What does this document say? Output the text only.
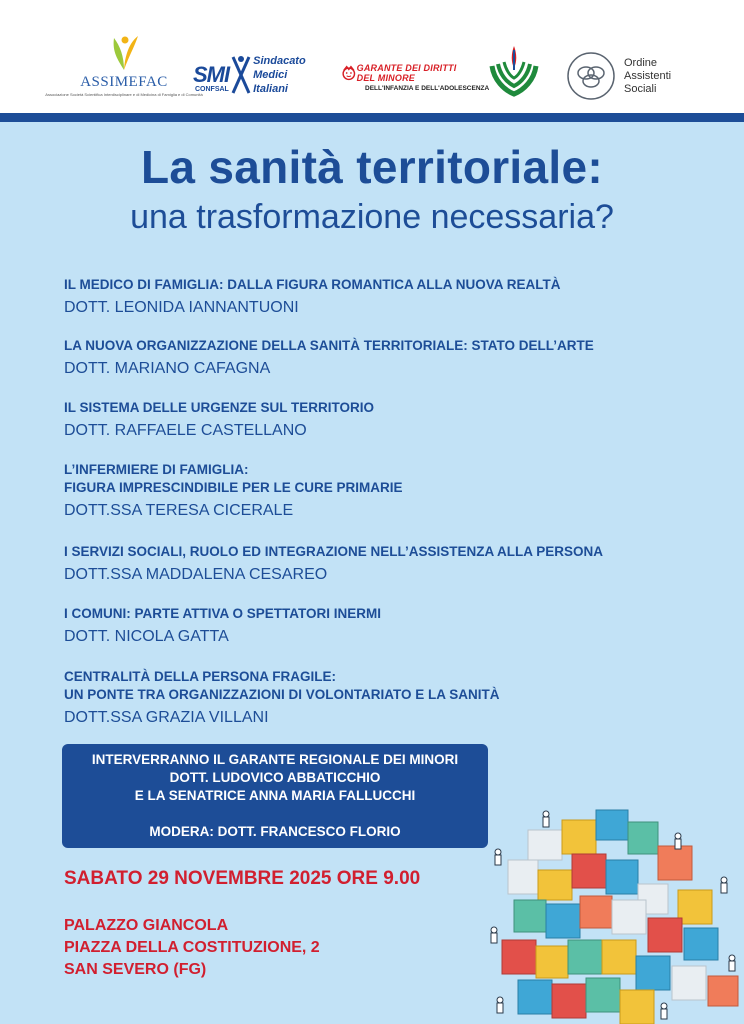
ASSIMEFAC
Associazione Società Scientifica Interdisciplinare e di Medicina di Famiglia e di Comunità
SMI
Sindacato
Medici
Italiani
CONFSAL
GARANTE DEI DIRITTI DEL MINORE
DELL'INFANZIA E DELL'ADOLESCENZA
Ordine
Assistenti
Sociali
La sanità territoriale:
una trasformazione necessaria?
IL MEDICO DI FAMIGLIA: DALLA FIGURA ROMANTICA ALLA NUOVA REALTÀ
DOTT. LEONIDA IANNANTUONI
LA NUOVA ORGANIZZAZIONE DELLA SANITÀ TERRITORIALE: STATO DELL’ARTE
DOTT. MARIANO CAFAGNA
IL SISTEMA DELLE URGENZE SUL TERRITORIO
DOTT. RAFFAELE CASTELLANO
L’INFERMIERE DI FAMIGLIA:
FIGURA IMPRESCINDIBILE PER LE CURE PRIMARIE
DOTT.SSA TERESA CICERALE
I SERVIZI SOCIALI, RUOLO ED INTEGRAZIONE NELL’ASSISTENZA ALLA PERSONA
DOTT.SSA MADDALENA CESAREO
I COMUNI: PARTE ATTIVA O SPETTATORI INERMI
DOTT. NICOLA GATTA
CENTRALITÀ DELLA PERSONA FRAGILE:
UN PONTE TRA ORGANIZZAZIONI DI VOLONTARIATO E LA SANITÀ
DOTT.SSA GRAZIA VILLANI
INTERVERRANNO IL GARANTE REGIONALE DEI MINORI
DOTT. LUDOVICO ABBATICCHIO
E LA SENATRICE ANNA MARIA FALLUCCHI
MODERA: DOTT. FRANCESCO FLORIO
SABATO 29 NOVEMBRE 2025 ORE 9.00
PALAZZO GIANCOLA
PIAZZA DELLA COSTITUZIONE, 2
SAN SEVERO (FG)
